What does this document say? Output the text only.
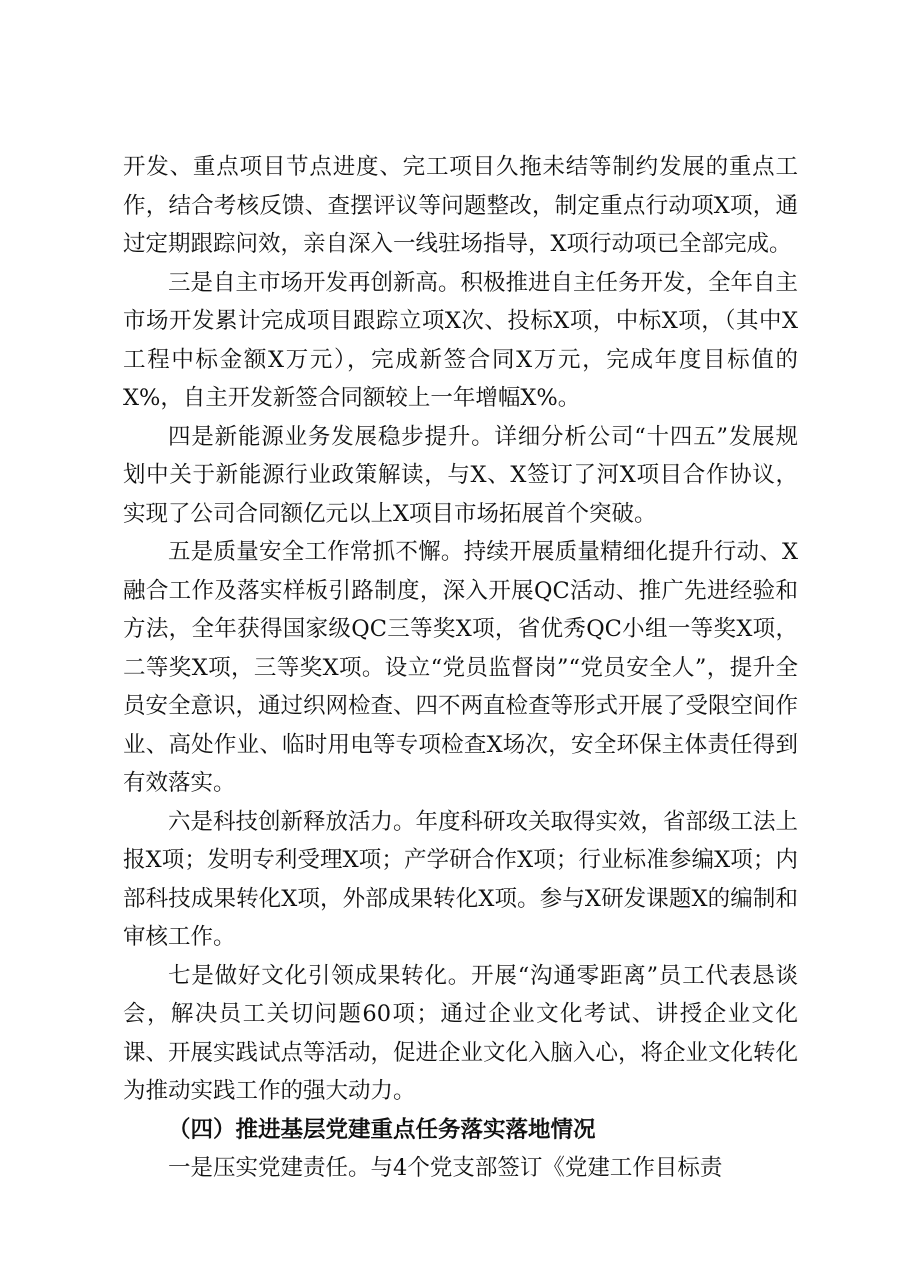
开发、重点项目节点进度、完工项目久拖未结等制约发展的重点工作，结合考核反馈、查摆评议等问题整改，制定重点行动项X项，通过定期跟踪问效，亲自深入一线驻场指导，X项行动项已全部完成。

三是自主市场开发再创新高。积极推进自主任务开发，全年自主市场开发累计完成项目跟踪立项X次、投标X项，中标X项，（其中X工程中标金额X万元），完成新签合同X万元，完成年度目标值的X%，自主开发新签合同额较上一年增幅X%。

四是新能源业务发展稳步提升。详细分析公司“十四五”发展规划中关于新能源行业政策解读，与X、X签订了河X项目合作协议，实现了公司合同额亿元以上X项目市场拓展首个突破。

五是质量安全工作常抓不懈。持续开展质量精细化提升行动、X融合工作及落实样板引路制度，深入开展QC活动、推广先进经验和方法，全年获得国家级QC三等奖X项，省优秀QC小组一等奖X项，二等奖X项，三等奖X项。设立“党员监督岗”“党员安全人”，提升全员安全意识，通过织网检查、四不两直检查等形式开展了受限空间作业、高处作业、临时用电等专项检查X场次，安全环保主体责任得到有效落实。

六是科技创新释放活力。年度科研攻关取得实效，省部级工法上报X项；发明专利受理X项；产学研合作X项；行业标准参编X项；内部科技成果转化X项，外部成果转化X项。参与X研发课题X的编制和审核工作。

七是做好文化引领成果转化。开展“沟通零距离”员工代表恳谈会，解决员工关切问题60项；通过企业文化考试、讲授企业文化课、开展实践试点等活动，促进企业文化入脑入心，将企业文化转化为推动实践工作的强大动力。

（四）推进基层党建重点任务落实落地情况

一是压实党建责任。与4个党支部签订《党建工作目标责
